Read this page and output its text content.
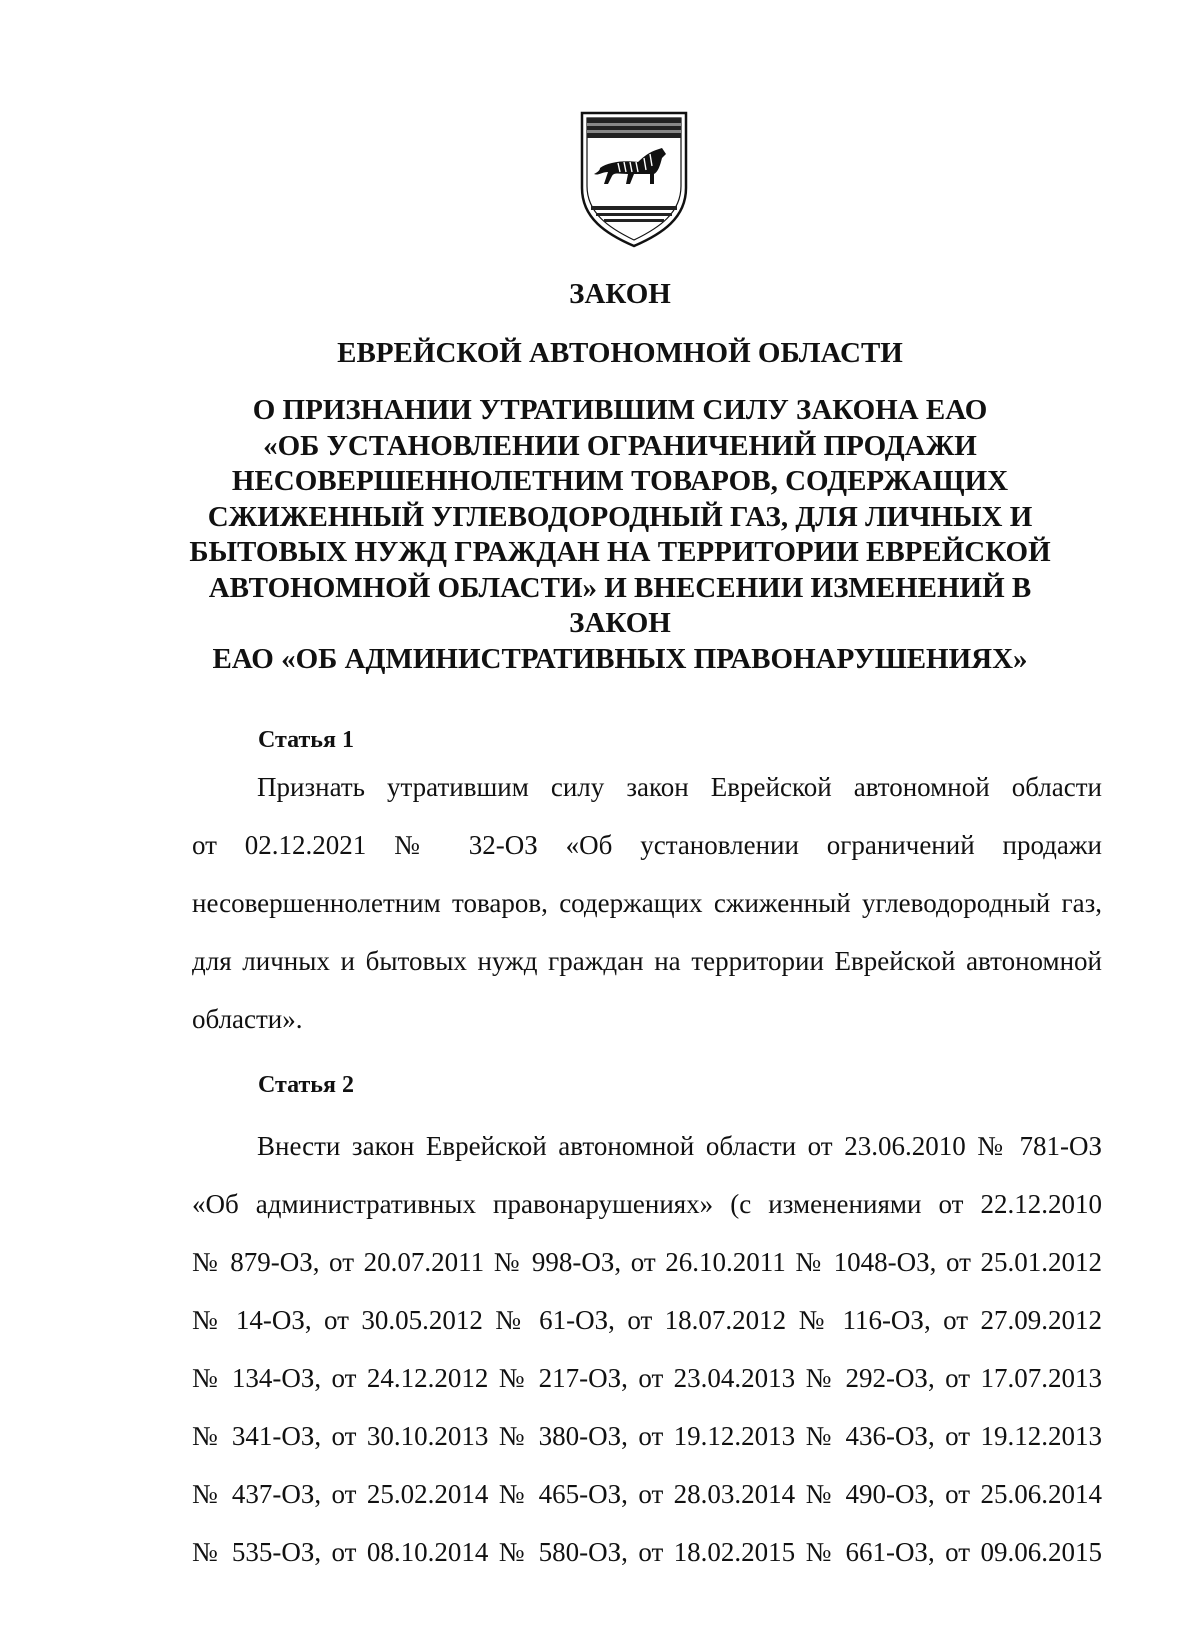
ЗАКОН

ЕВРЕЙСКОЙ АВТОНОМНОЙ ОБЛАСТИ

О ПРИЗНАНИИ УТРАТИВШИМ СИЛУ ЗАКОНА ЕАО
«ОБ УСТАНОВЛЕНИИ ОГРАНИЧЕНИЙ ПРОДАЖИ
НЕСОВЕРШЕННОЛЕТНИМ ТОВАРОВ, СОДЕРЖАЩИХ
СЖИЖЕННЫЙ УГЛЕВОДОРОДНЫЙ ГАЗ, ДЛЯ ЛИЧНЫХ И
БЫТОВЫХ НУЖД ГРАЖДАН НА ТЕРРИТОРИИ ЕВРЕЙСКОЙ
АВТОНОМНОЙ ОБЛАСТИ» И ВНЕСЕНИИ ИЗМЕНЕНИЙ В ЗАКОН
ЕАО «ОБ АДМИНИСТРАТИВНЫХ ПРАВОНАРУШЕНИЯХ»

Статья 1

Признать утратившим силу закон Еврейской автономной области
от 02.12.2021 № 32-ОЗ «Об установлении ограничений продажи
несовершеннолетним товаров, содержащих сжиженный углеводородный газ,
для личных и бытовых нужд граждан на территории Еврейской автономной
области».

Статья 2

Внести закон Еврейской автономной области от 23.06.2010 № 781-ОЗ
«Об административных правонарушениях» (с изменениями от 22.12.2010
№ 879-ОЗ, от 20.07.2011 № 998-ОЗ, от 26.10.2011 № 1048-ОЗ, от 25.01.2012
№ 14-ОЗ, от 30.05.2012 № 61-ОЗ, от 18.07.2012 № 116-ОЗ, от 27.09.2012
№ 134-ОЗ, от 24.12.2012 № 217-ОЗ, от 23.04.2013 № 292-ОЗ, от 17.07.2013
№ 341-ОЗ, от 30.10.2013 № 380-ОЗ, от 19.12.2013 № 436-ОЗ, от 19.12.2013
№ 437-ОЗ, от 25.02.2014 № 465-ОЗ, от 28.03.2014 № 490-ОЗ, от 25.06.2014
№ 535-ОЗ, от 08.10.2014 № 580-ОЗ, от 18.02.2015 № 661-ОЗ, от 09.06.2015
